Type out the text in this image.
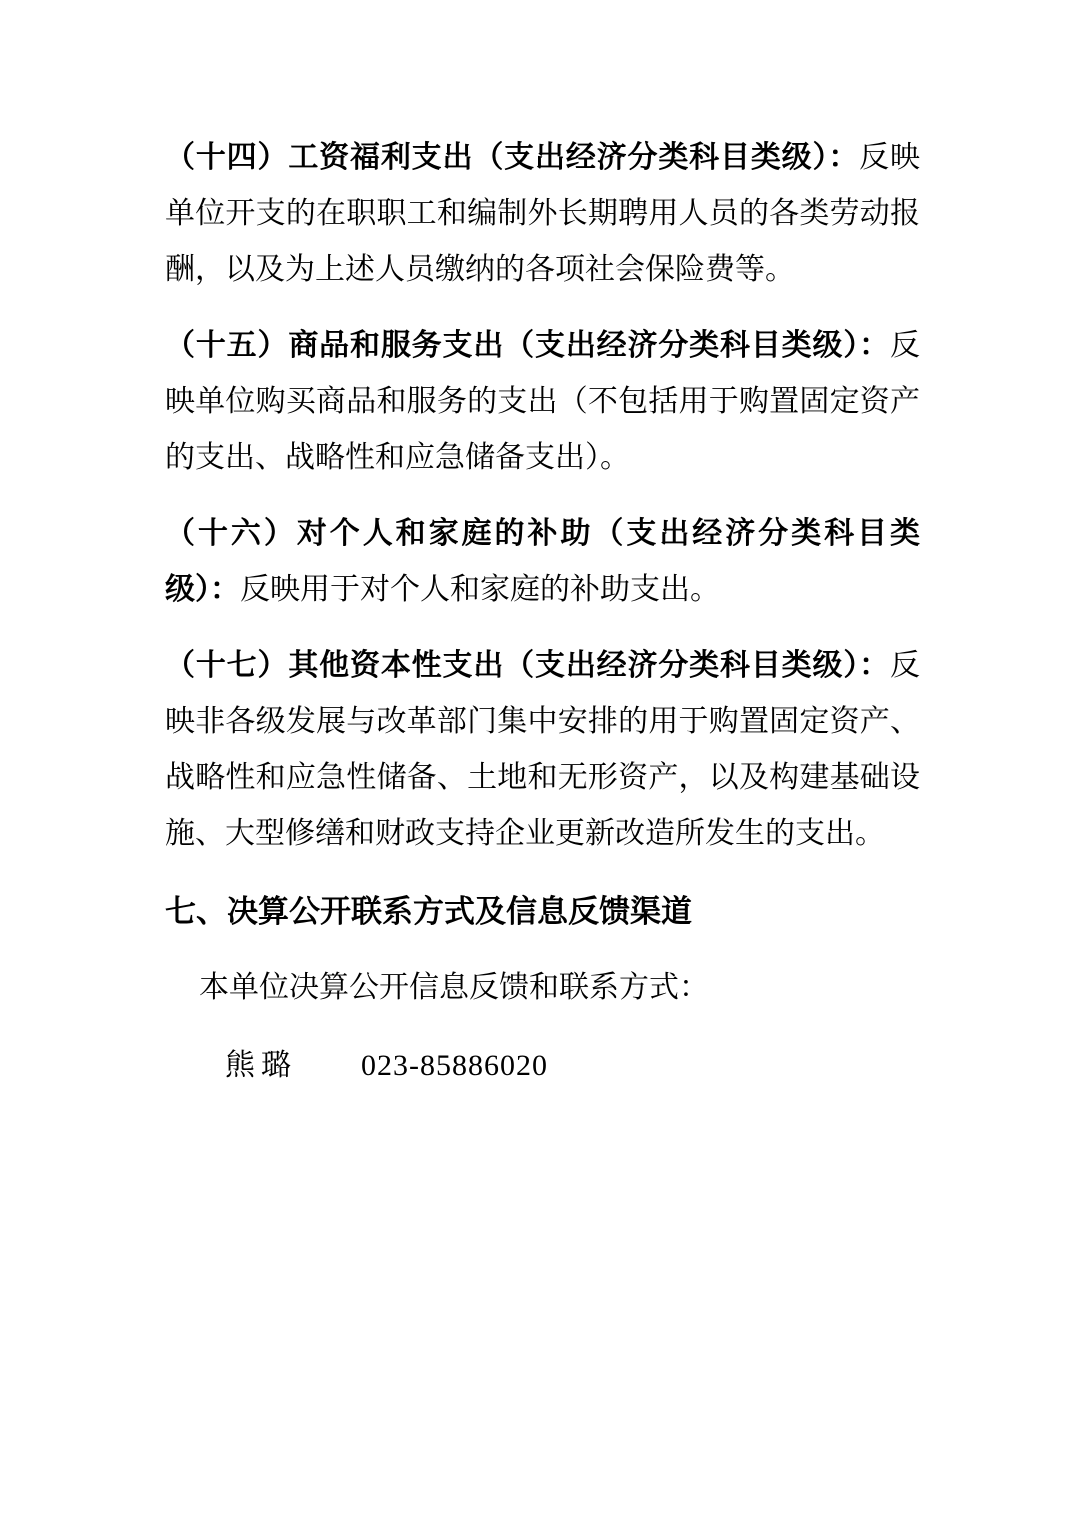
（十四）工资福利支出（支出经济分类科目类级）：反映单位开支的在职职工和编制外长期聘用人员的各类劳动报酬，以及为上述人员缴纳的各项社会保险费等。

（十五）商品和服务支出（支出经济分类科目类级）：反映单位购买商品和服务的支出（不包括用于购置固定资产的支出、战略性和应急储备支出）。

（十六）对个人和家庭的补助（支出经济分类科目类级）：反映用于对个人和家庭的补助支出。

（十七）其他资本性支出（支出经济分类科目类级）：反映非各级发展与改革部门集中安排的用于购置固定资产、战略性和应急性储备、土地和无形资产，以及构建基础设施、大型修缮和财政支持企业更新改造所发生的支出。

七、决算公开联系方式及信息反馈渠道

本单位决算公开信息反馈和联系方式：

熊璐 023-85886020
